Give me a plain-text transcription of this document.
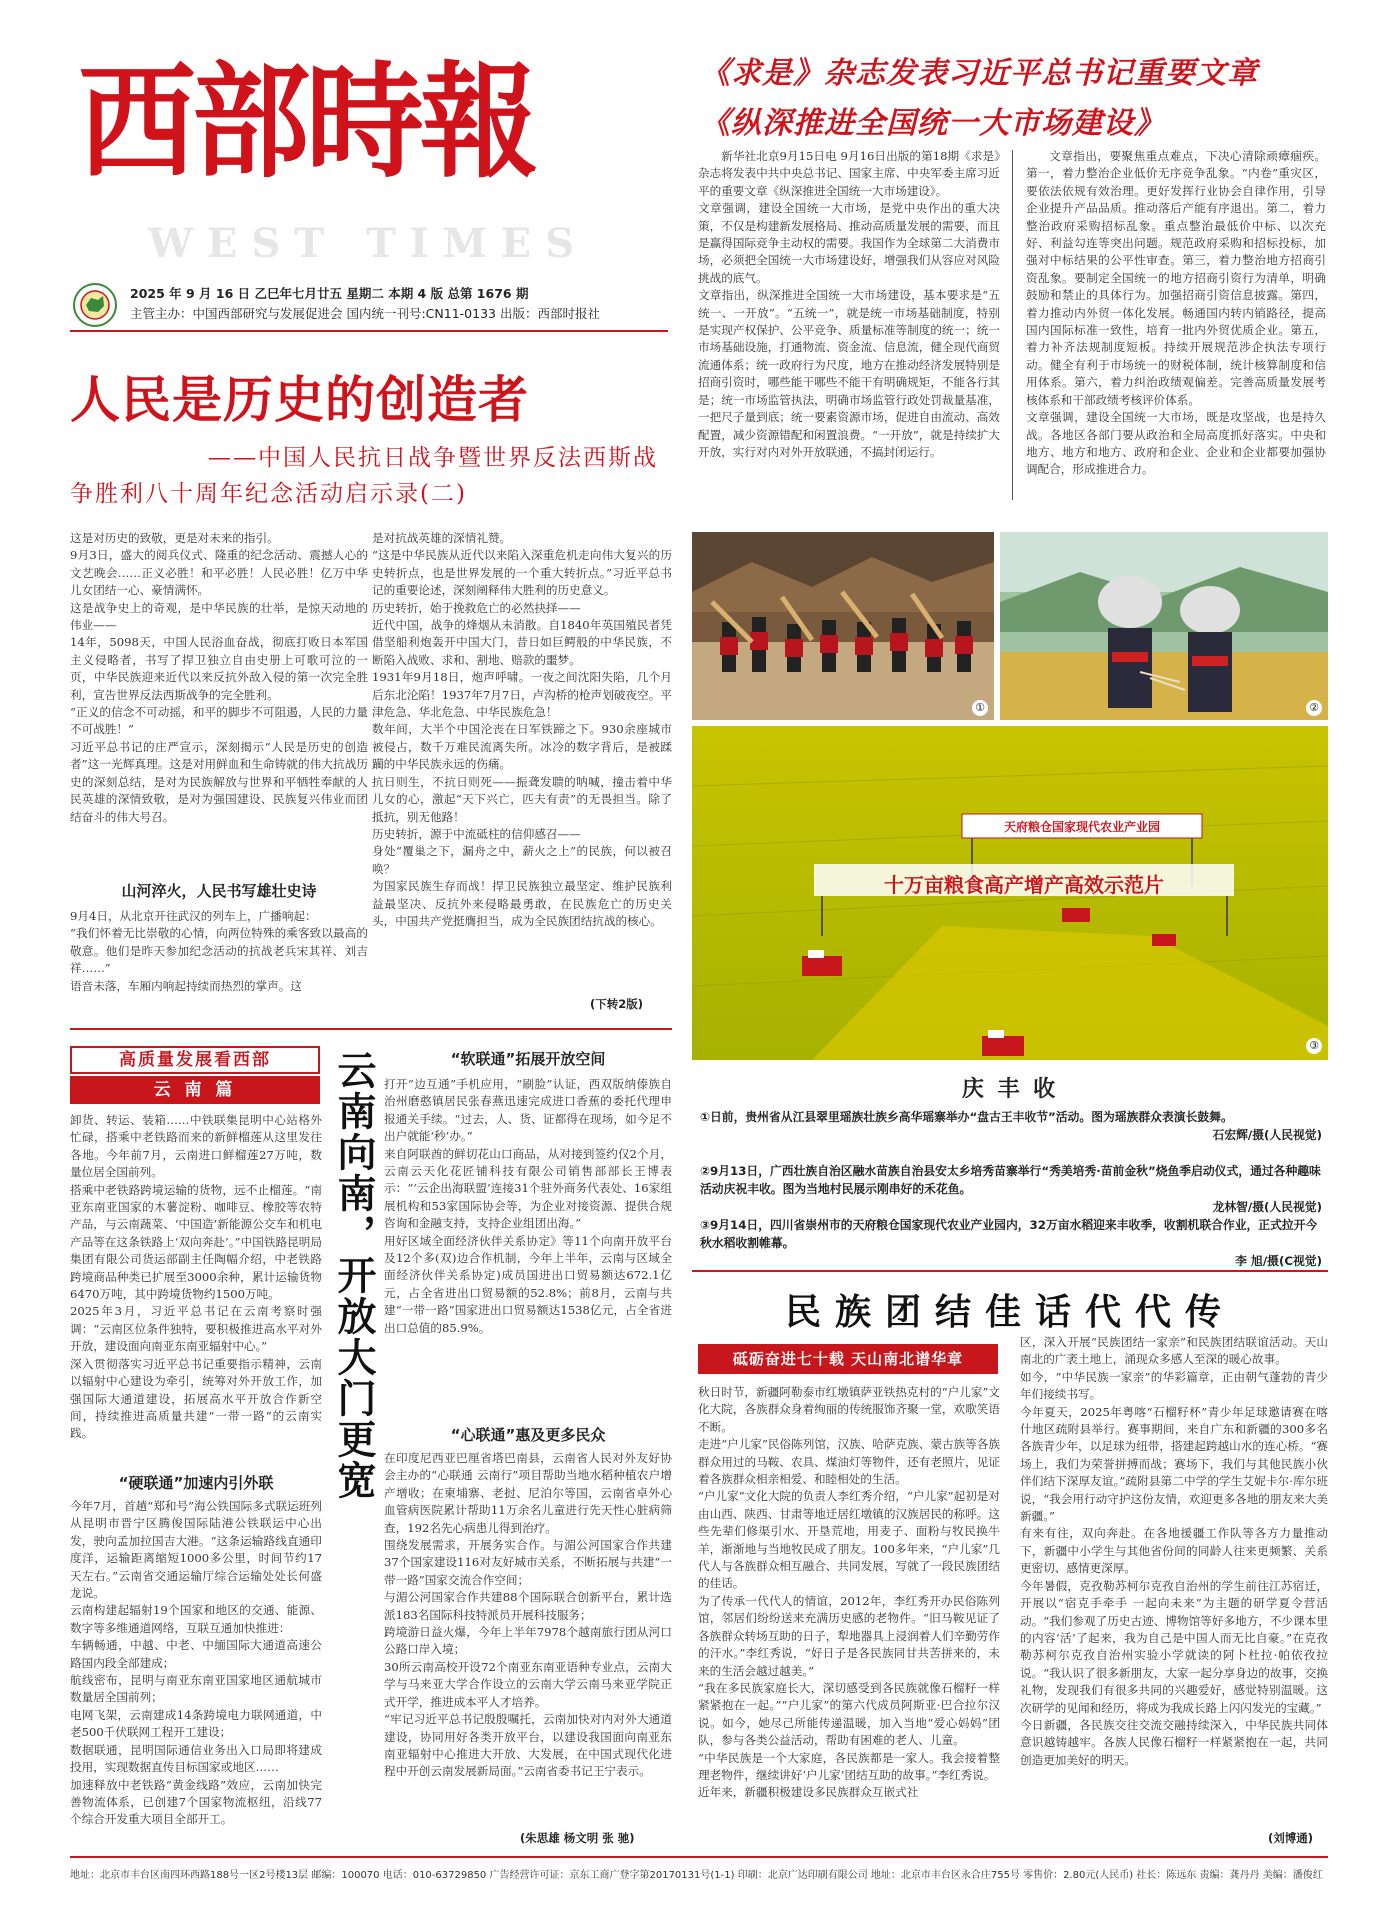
西部時報
WEST TIMES
2025 年 9 月 16 日 乙巳年七月廿五 星期二 本期 4 版 总第 1676 期
主管主办：中国西部研究与发展促进会 国内统一刊号:CN11-0133 出版：西部时报社
《求是》杂志发表习近平总书记重要文章
《纵深推进全国统一大市场建设》
新华社北京9月15日电 9月16日出版的第18期《求是》杂志将发表中共中央总书记、国家主席、中央军委主席习近平的重要文章《纵深推进全国统一大市场建设》。
文章强调，建设全国统一大市场，是党中央作出的重大决策，不仅是构建新发展格局、推动高质量发展的需要，而且是赢得国际竞争主动权的需要。我国作为全球第二大消费市场，必须把全国统一大市场建设好，增强我们从容应对风险挑战的底气。
文章指出，纵深推进全国统一大市场建设，基本要求是“五统一、一开放”。“五统一”，就是统一市场基础制度，特别是实现产权保护、公平竞争、质量标准等制度的统一；统一市场基础设施，打通物流、资金流、信息流，健全现代商贸流通体系；统一政府行为尺度，地方在推动经济发展特别是招商引资时，哪些能干哪些不能干有明确规矩，不能各行其是；统一市场监管执法，明确市场监管行政处罚裁量基准，一把尺子量到底；统一要素资源市场，促进自由流动、高效配置，减少资源错配和闲置浪费。“一开放”，就是持续扩大开放，实行对内对外开放联通，不搞封闭运行。
文章指出，要聚焦重点难点，下决心清除顽瘴痼疾。第一，着力整治企业低价无序竞争乱象。“内卷”重灾区，要依法依规有效治理。更好发挥行业协会自律作用，引导企业提升产品品质。推动落后产能有序退出。第二，着力整治政府采购招标乱象。重点整治最低价中标、以次充好、利益勾连等突出问题。规范政府采购和招标投标，加强对中标结果的公平性审查。第三，着力整治地方招商引资乱象。要制定全国统一的地方招商引资行为清单，明确鼓励和禁止的具体行为。加强招商引资信息披露。第四，着力推动内外贸一体化发展。畅通国内转内销路径，提高国内国际标准一致性，培育一批内外贸优质企业。第五，着力补齐法规制度短板。持续开展规范涉企执法专项行动。健全有利于市场统一的财税体制，统计核算制度和信用体系。第六，着力纠治政绩观偏差。完善高质量发展考核体系和干部政绩考核评价体系。
文章强调，建设全国统一大市场，既是攻坚战，也是持久战。各地区各部门要从政治和全局高度抓好落实。中央和地方、地方和地方、政府和企业、企业和企业都要加强协调配合，形成推进合力。
人民是历史的创造者
——中国人民抗日战争暨世界反法西斯战争胜利八十周年纪念活动启示录(二)
这是对历史的致敬，更是对未来的指引。
9月3日，盛大的阅兵仪式、隆重的纪念活动、震撼人心的文艺晚会……正义必胜！和平必胜！人民必胜！亿万中华儿女团结一心、豪情满怀。
这是战争史上的奇观，是中华民族的壮举，是惊天动地的伟业——
14年，5098天，中国人民浴血奋战，彻底打败日本军国主义侵略者，书写了捍卫独立自由史册上可歌可泣的一页，中华民族迎来近代以来反抗外敌入侵的第一次完全胜利，宣告世界反法西斯战争的完全胜利。
“正义的信念不可动摇，和平的脚步不可阻遏，人民的力量不可战胜！”
习近平总书记的庄严宣示，深刻揭示“人民是历史的创造者”这一光辉真理。这是对用鲜血和生命铸就的伟大抗战历史的深刻总结，是对为民族解放与世界和平牺牲奉献的人民英雄的深情致敬，是对为强国建设、民族复兴伟业而团结奋斗的伟大号召。
山河淬火，人民书写雄壮史诗
9月4日，从北京开往武汉的列车上，广播响起：
“我们怀着无比崇敬的心情，向两位特殊的乘客致以最高的敬意。他们是昨天参加纪念活动的抗战老兵宋其祥、刘吉祥……”
语音未落，车厢内响起持续而热烈的掌声。这
是对抗战英雄的深情礼赞。
“这是中华民族从近代以来陷入深重危机走向伟大复兴的历史转折点，也是世界发展的一个重大转折点。”习近平总书记的重要论述，深刻阐释伟大胜利的历史意义。
历史转折，始于挽救危亡的必然抉择——
近代中国，战争的烽烟从未消散。自1840年英国殖民者凭借坚船利炮轰开中国大门，昔日如巨鳄般的中华民族，不断陷入战败、求和、割地、赔款的噩梦。
1931年9月18日，炮声呼啸。一夜之间沈阳失陷，几个月后东北沦陷！1937年7月7日，卢沟桥的枪声划破夜空。平津危急、华北危急、中华民族危急！
数年间，大半个中国沦丧在日军铁蹄之下。930余座城市被侵占，数千万难民流离失所。冰冷的数字背后，是被蹂躏的中华民族永远的伤痛。
抗日则生，不抗日则死——振聋发聩的呐喊，撞击着中华儿女的心，激起“天下兴亡，匹夫有责”的无畏担当。除了抵抗，别无他路！
历史转折，源于中流砥柱的信仰感召——
身处“覆巢之下，漏舟之中，薪火之上”的民族，何以被召唤？
为国家民族生存而战！捍卫民族独立最坚定、维护民族利益最坚决、反抗外来侵略最勇敢，在民族危亡的历史关头，中国共产党挺膺担当，成为全民族团结抗战的核心。
(下转2版)
①	②
天府粮仓国家现代农业产业园
十万亩粮食高产增产高效示范片
③
庆 丰 收
①日前，贵州省从江县翠里瑶族壮族乡高华瑶寨举办“盘古王丰收节”活动。图为瑶族群众表演长鼓舞。
石宏辉/摄(人民视觉)
②9月13日，广西壮族自治区融水苗族自治县安太乡培秀苗寨举行“秀美培秀·苗前金秋”烧鱼季启动仪式，通过各种趣味活动庆祝丰收。图为当地村民展示刚串好的禾花鱼。
龙林智/摄(人民视觉)
③9月14日，四川省崇州市的天府粮仓国家现代农业产业园内，32万亩水稻迎来丰收季，收割机联合作业，正式拉开今秋水稻收割帷幕。
李 旭/摄(C视觉)
高质量发展看西部
云 南 篇
卸货、转运、装箱……中铁联集昆明中心站格外忙碌，搭乘中老铁路而来的新鲜榴莲从这里发往各地。今年前7月，云南进口鲜榴莲27万吨，数量位居全国前列。
搭乘中老铁路跨境运输的货物，远不止榴莲。“南亚东南亚国家的木薯淀粉、咖啡豆、橡胶等农特产品，与云南蔬菜、‘中国造’新能源公交车和机电产品等在这条铁路上‘双向奔赴’。”中国铁路昆明局集团有限公司货运部副主任陶幅介绍，中老铁路跨境商品种类已扩展至3000余种，累计运输货物6470万吨，其中跨境货物约1500万吨。
2025年3月，习近平总书记在云南考察时强调：“云南区位条件独特，要积极推进高水平对外开放，建设面向南亚东南亚辐射中心。”
深入贯彻落实习近平总书记重要指示精神，云南以辐射中心建设为牵引，统筹对外开放工作，加强国际大通道建设，拓展高水平开放合作新空间，持续推进高质量共建“一带一路”的云南实践。
“硬联通”加速内引外联
今年7月，首趟“郑和号”海公铁国际多式联运班列从昆明市晋宁区腾俊国际陆港公铁联运中心出发，驶向孟加拉国吉大港。“这条运输路线直通印度洋，运输距离缩短1000多公里，时间节约17天左右。”云南省交通运输厅综合运输处处长何盛龙说。
云南构建起辐射19个国家和地区的交通、能源、数字等多维通道网络，互联互通加快推进：
车辆畅通，中越、中老、中缅国际大通道高速公路国内段全部建成；
航线密布，昆明与南亚东南亚国家地区通航城市数量居全国前列；
电网飞架，云南建成14条跨境电力联网通道，中老500千伏联网工程开工建设；
数据联通，昆明国际通信业务出入口局即将建成投用，实现数据直传目标国家或地区……
加速释放中老铁路“黄金线路”效应，云南加快完善物流体系，已创建7个国家物流枢纽，沿线77个综合开发重大项目全部开工。
云南向南，开放大门更宽	“软联通”拓展开放空间
打开“边互通”手机应用，“刷脸”认证，西双版纳傣族自治州磨憨镇居民张春燕迅速完成进口香蕉的委托代理申报通关手续。“过去，人、货、证都得在现场，如今足不出户就能‘秒’办。”
来自阿联酋的鲜切花山口商品，从对接到签约仅2个月，云南云天化花匠铺科技有限公司销售部部长王博表示：“‘云企出海联盟’连接31个驻外商务代表处、16家组展机构和53家国际协会等，为企业对接资源、提供合规咨询和金融支持，支持企业组团出海。”
用好区域全面经济伙伴关系协定》等11个向南开放平台及12个多(双)边合作机制，今年上半年，云南与区域全面经济伙伴关系协定)成员国进出口贸易额达672.1亿元，占全省进出口贸易额的52.8%；前8月，云南与共建“一带一路”国家进出口贸易额达1538亿元，占全省进出口总值的85.9%。
“心联通”惠及更多民众
在印度尼西亚巴厘省塔巴南县，云南省人民对外友好协会主办的“心联通 云南行”项目帮助当地水稻种植农户增产增收；在柬埔寨、老挝、尼泊尔等国，云南省卓外心血管病医院累计帮助11万余名儿童进行先天性心脏病筛查，192名先心病患儿得到治疗。
围绕发展需求，开展务实合作。与湄公河国家合作共建37个国家建设116对友好城市关系，不断拓展与共建“一带一路”国家交流合作空间；
与湄公河国家合作共建88个国际联合创新平台，累计选派183名国际科技特派员开展科技服务；
跨境游日益火爆，今年上半年7978个越南旅行团从河口公路口岸入境；
30所云南高校开设72个南亚东南亚语种专业点，云南大学与马来亚大学合作设立的云南大学云南马来亚学院正式开学，推进成本平人才培养。
“牢记习近平总书记殷殷嘱托，云南加快对内对外大通道建设，协同用好各类开放平台，以建设我国面向南亚东南亚辐射中心推进大开放、大发展，在中国式现代化进程中开创云南发展新局面。”云南省委书记王宁表示。
(朱思雄 杨文明 张 驰)
民族团结佳话代代传
砥砺奋进七十载 天山南北谱华章
秋日时节，新疆阿勒泰市红墩镇萨亚铁热克村的“户儿家”文化大院，各族群众身着绚丽的传统服饰齐聚一堂，欢歌笑语不断。
走进“户儿家”民俗陈列馆，汉族、哈萨克族、蒙古族等各族群众用过的马鞍、农具、煤油灯等物件，还有老照片，见证着各族群众相亲相爱、和睦相处的生活。
“户儿家”文化大院的负责人李红秀介绍，“户儿家”起初是对由山西、陕西、甘肃等地迁居红墩镇的汉族居民的称呼。这些先辈们修渠引水、开垦荒地，用麦子、面粉与牧民换牛羊，渐渐地与当地牧民成了朋友。100多年来，“户儿家”几代人与各族群众相互融合、共同发展，写就了一段民族团结的佳话。
为了传承一代代人的情谊，2012年，李红秀开办民俗陈列馆，邻居们纷纷送来充满历史感的老物件。“旧马鞍见证了各族群众转场互助的日子，犁地器具上浸润着人们辛勤劳作的汗水。”李红秀说，“好日子是各民族同甘共苦拼来的，未来的生活会越过越美。”
“我在多民族家庭长大，深切感受到各民族就像石榴籽一样紧紧抱在一起。”“户儿家”的第六代成员阿斯亚·巴合拉尔汉说。如今，她尽己所能传递温暖，加入当地“爱心妈妈”团队，参与各类公益活动，帮助有困难的老人、儿童。
“中华民族是一个大家庭，各民族都是一家人。我会接着整理老物件，继续讲好‘户儿家’团结互助的故事。”李红秀说。
近年来，新疆积极建设多民族群众互嵌式社
区，深入开展“民族团结一家亲”和民族团结联谊活动。天山南北的广袤土地上，涌现众多感人至深的暖心故事。
如今，“中华民族一家亲”的华彩篇章，正由朝气蓬勃的青少年们接续书写。
今年夏天，2025年粤喀“石榴籽杯”青少年足球邀请赛在喀什地区疏附县举行。赛事期间，来自广东和新疆的300多名各族青少年，以足球为纽带，搭建起跨越山水的连心桥。“赛场上，我们为荣誉拼搏而战；赛场下，我们与其他民族小伙伴们结下深厚友谊。”疏附县第二中学的学生艾妮卡尔·库尔班说，“我会用行动守护这份友情，欢迎更多各地的朋友来大美新疆。”
有来有往，双向奔赴。在各地援疆工作队等各方力量推动下，新疆中小学生与其他省份间的同龄人往来更频繁、关系更密切、感情更深厚。
今年暑假，克孜勒苏柯尔克孜自治州的学生前往江苏宿迁，开展以“宿克手牵手 一起向未来”为主题的研学夏令营活动。“我们参观了历史古迹、博物馆等好多地方，不少课本里的内容‘活’了起来，我为自己是中国人而无比自豪。”在克孜勒苏柯尔克孜自治州实验小学就读的阿卜杜拉·帕依孜拉说。“我认识了很多新朋友，大家一起分享身边的故事，交换礼物，发现我们有很多共同的兴趣爱好，感觉特别温暖。这次研学的见闻和经历，将成为我成长路上闪闪发光的宝藏。”
今日新疆，各民族交往交流交融持续深入，中华民族共同体意识越铸越牢。各族人民像石榴籽一样紧紧抱在一起，共同创造更加美好的明天。
(刘博通)
地址：北京市丰台区南四环西路188号一区2号楼13层 邮编：100070 电话：010-63729850 广告经营许可证：京东工商广登字第20170131号(1-1) 印刷：北京广达印刷有限公司 地址：北京市丰台区永合庄755号 零售价：2.80元(人民币) 社长：陈远东 责编：龚丹丹 美编：潘俊红
